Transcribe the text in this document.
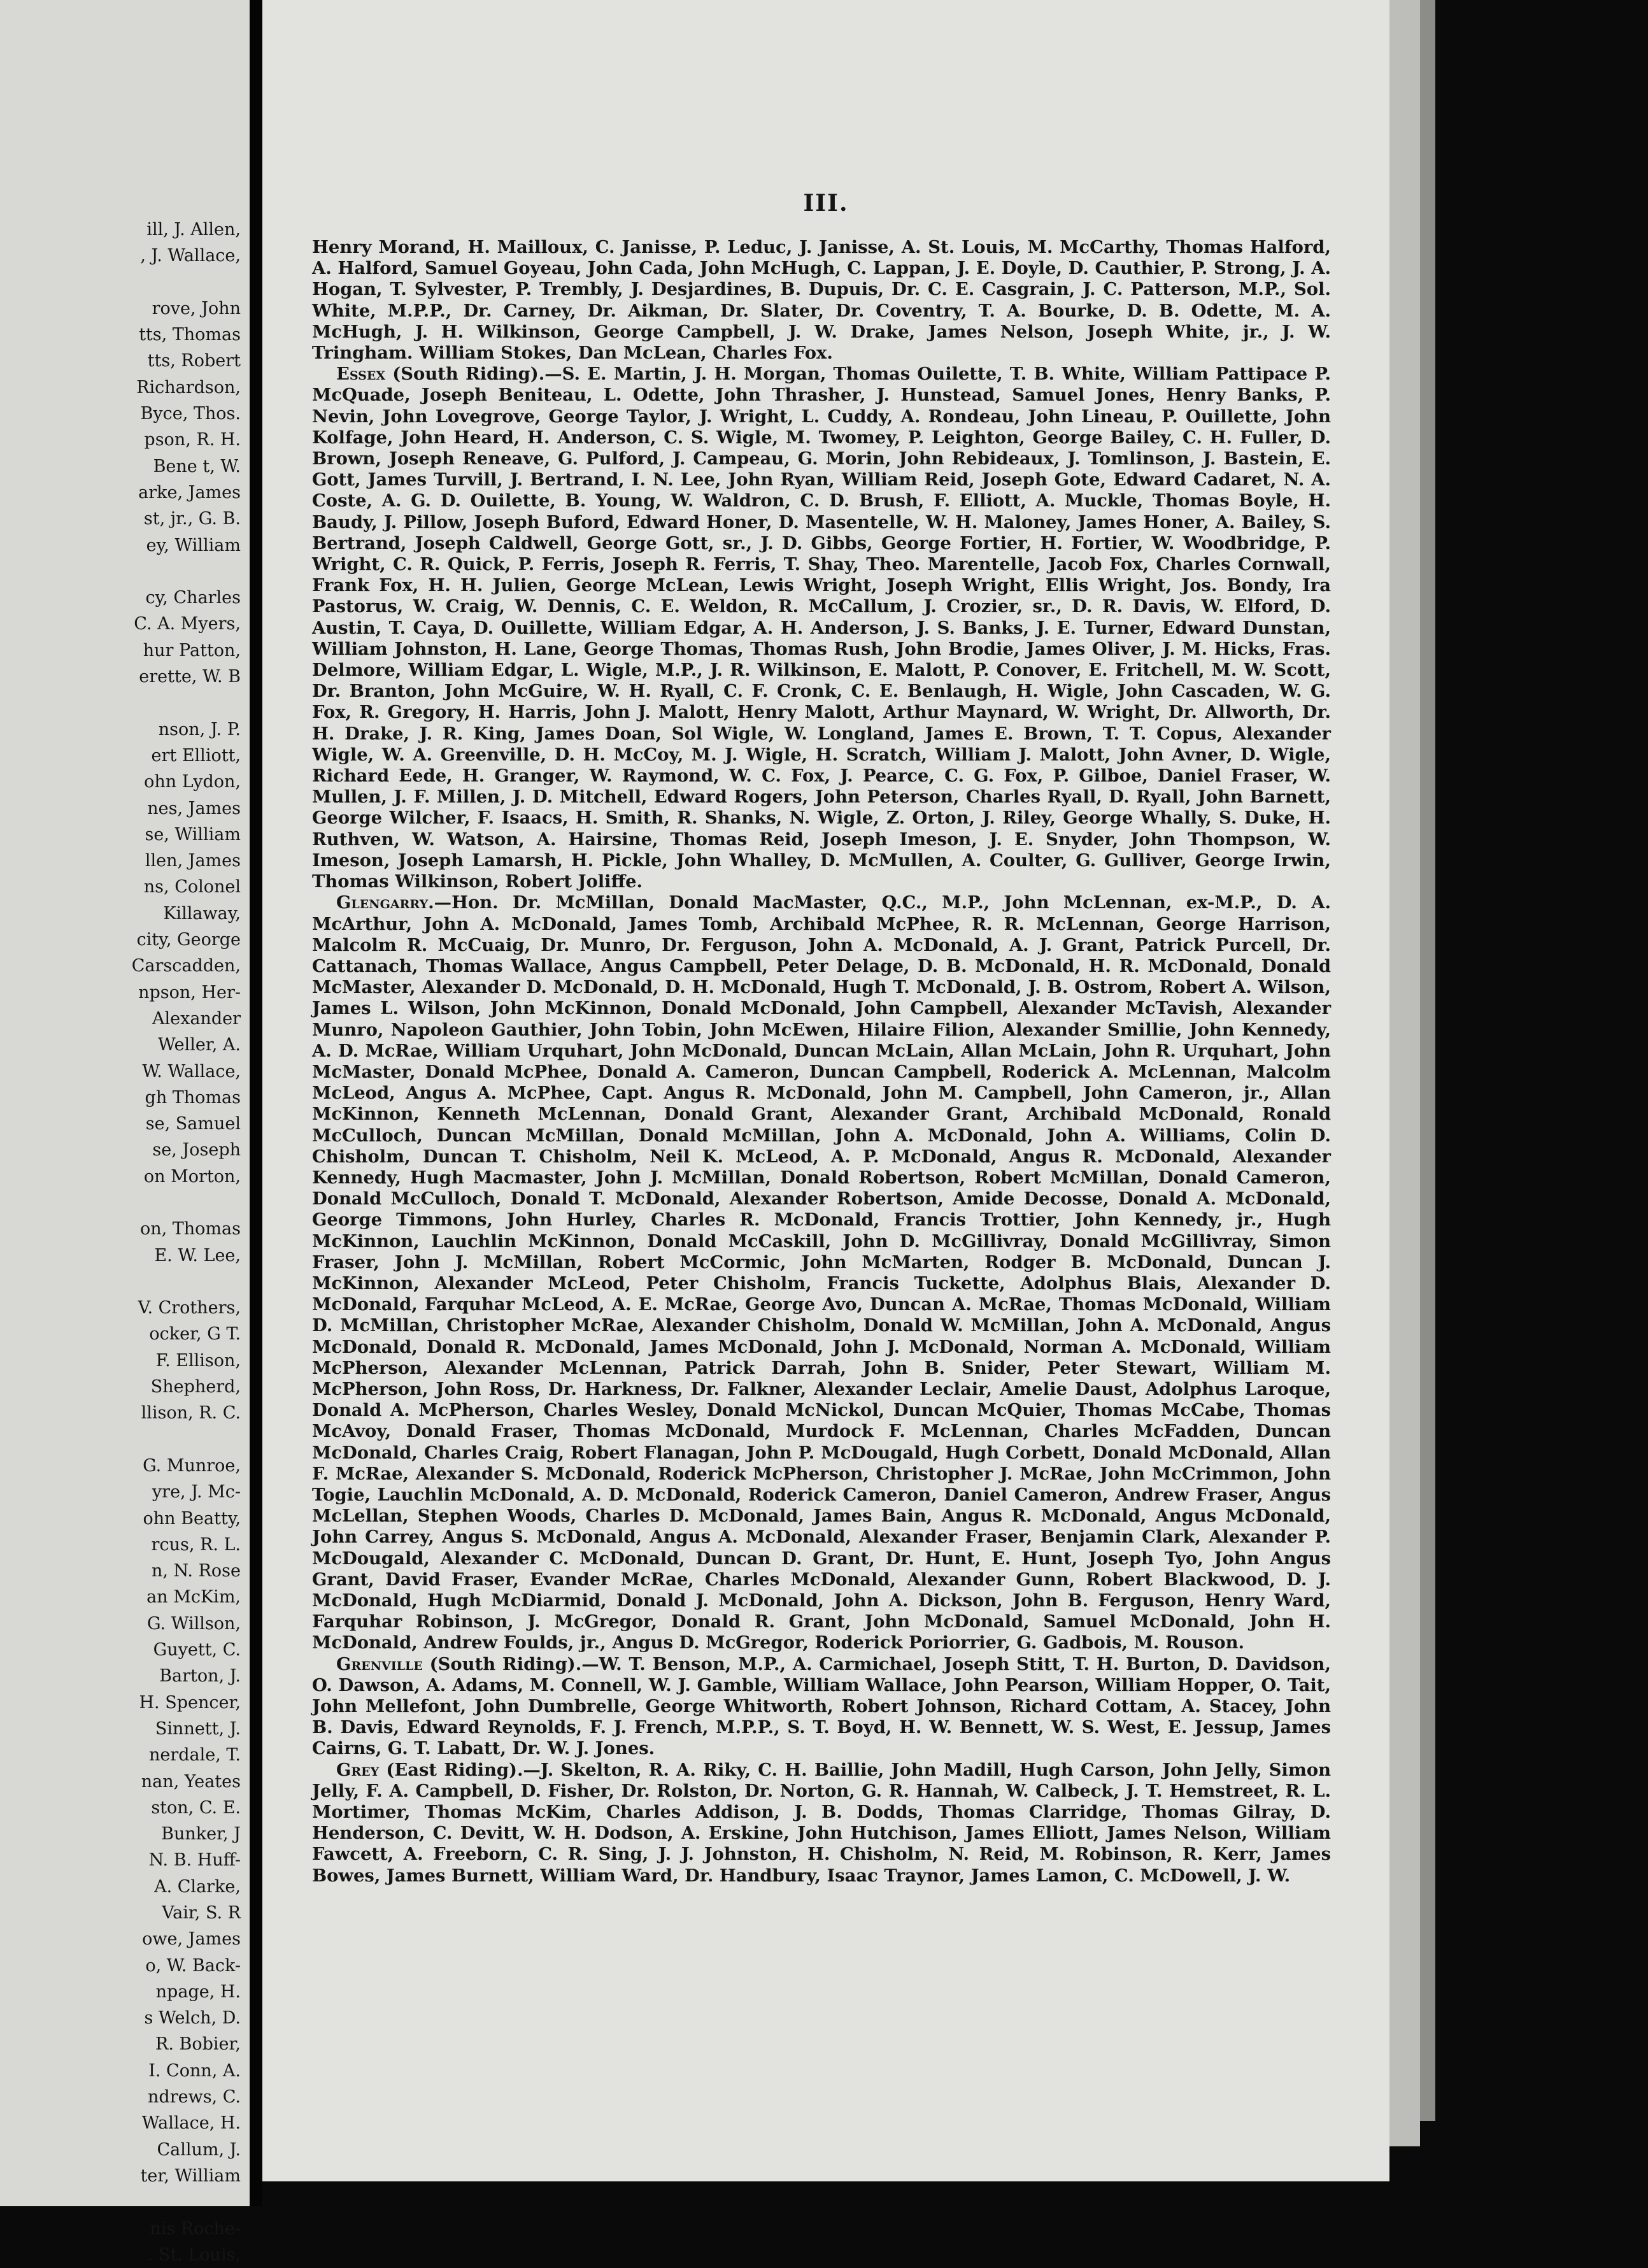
ill, J. Allen,
, J. Wallace,
rove, John
tts, Thomas
tts, Robert
Richardson,
Byce, Thos.
pson, R. H.
Bene t, W.
arke, James
st, jr., G. B.
ey, William
cy, Charles
C. A. Myers,
hur Patton,
erette, W. B
nson, J. P.
ert Elliott,
ohn Lydon,
nes, James
se, William
llen, James
ns, Colonel
Killaway,
city, George
Carscadden,
npson, Her-
Alexander
Weller, A.
W. Wallace,
gh Thomas
se, Samuel
se, Joseph
on Morton,
on, Thomas
E. W. Lee,
V. Crothers,
ocker, G T.
F. Ellison,
Shepherd,
llison, R. C.
G. Munroe,
yre, J. Mc-
ohn Beatty,
rcus, R. L.
n, N. Rose
an McKim,
G. Willson,
Guyett, C.
Barton, J.
H. Spencer,
Sinnett, J.
nerdale, T.
nan, Yeates
ston, C. E.
Bunker, J
N. B. Huff-
A. Clarke,
Vair, S. R
owe, James
o, W. Back-
npage, H.
s Welch, D.
R. Bobier,
I. Conn, A.
ndrews, C.
Wallace, H.
Callum, J.
ter, William
nis Roche-
. St. Louis,
III.

Henry Morand, H. Mailloux, C. Janisse, P. Leduc, J. Janisse, A. St. Louis, M. McCarthy, Thomas Halford, A. Halford, Samuel Goyeau, John Cada, John McHugh, C. Lappan, J. E. Doyle, D. Cauthier, P. Strong, J. A. Hogan, T. Sylvester, P. Trembly, J. Desjardines, B. Dupuis, Dr. C. E. Casgrain, J. C. Patterson, M.P., Sol. White, M.P.P., Dr. Carney, Dr. Aikman, Dr. Slater, Dr. Coventry, T. A. Bourke, D. B. Odette, M. A. McHugh, J. H. Wilkinson, George Campbell, J. W. Drake, James Nelson, Joseph White, jr., J. W. Tringham. William Stokes, Dan McLean, Charles Fox.

Essex (South Riding).—S. E. Martin, J. H. Morgan, Thomas Ouilette, T. B. White, William Pattipace P. McQuade, Joseph Beniteau, L. Odette, John Thrasher, J. Hunstead, Samuel Jones, Henry Banks, P. Nevin, John Lovegrove, George Taylor, J. Wright, L. Cuddy, A. Rondeau, John Lineau, P. Ouillette, John Kolfage, John Heard, H. Anderson, C. S. Wigle, M. Twomey, P. Leighton, George Bailey, C. H. Fuller, D. Brown, Joseph Reneave, G. Pulford, J. Campeau, G. Morin, John Rebideaux, J. Tomlinson, J. Bastein, E. Gott, James Turvill, J. Bertrand, I. N. Lee, John Ryan, William Reid, Joseph Gote, Edward Cadaret, N. A. Coste, A. G. D. Ouilette, B. Young, W. Waldron, C. D. Brush, F. Elliott, A. Muckle, Thomas Boyle, H. Baudy, J. Pillow, Joseph Buford, Edward Honer, D. Masentelle, W. H. Maloney, James Honer, A. Bailey, S. Bertrand, Joseph Caldwell, George Gott, sr., J. D. Gibbs, George Fortier, H. Fortier, W. Woodbridge, P. Wright, C. R. Quick, P. Ferris, Joseph R. Ferris, T. Shay, Theo. Marentelle, Jacob Fox, Charles Cornwall, Frank Fox, H. H. Julien, George McLean, Lewis Wright, Joseph Wright, Ellis Wright, Jos. Bondy, Ira Pastorus, W. Craig, W. Dennis, C. E. Weldon, R. McCallum, J. Crozier, sr., D. R. Davis, W. Elford, D. Austin, T. Caya, D. Ouillette, William Edgar, A. H. Anderson, J. S. Banks, J. E. Turner, Edward Dunstan, William Johnston, H. Lane, George Thomas, Thomas Rush, John Brodie, James Oliver, J. M. Hicks, Fras. Delmore, William Edgar, L. Wigle, M.P., J. R. Wilkinson, E. Malott, P. Conover, E. Fritchell, M. W. Scott, Dr. Branton, John McGuire, W. H. Ryall, C. F. Cronk, C. E. Benlaugh, H. Wigle, John Cascaden, W. G. Fox, R. Gregory, H. Harris, John J. Malott, Henry Malott, Arthur Maynard, W. Wright, Dr. Allworth, Dr. H. Drake, J. R. King, James Doan, Sol Wigle, W. Longland, James E. Brown, T. T. Copus, Alexander Wigle, W. A. Greenville, D. H. McCoy, M. J. Wigle, H. Scratch, William J. Malott, John Avner, D. Wigle, Richard Eede, H. Granger, W. Raymond, W. C. Fox, J. Pearce, C. G. Fox, P. Gilboe, Daniel Fraser, W. Mullen, J. F. Millen, J. D. Mitchell, Edward Rogers, John Peterson, Charles Ryall, D. Ryall, John Barnett, George Wilcher, F. Isaacs, H. Smith, R. Shanks, N. Wigle, Z. Orton, J. Riley, George Whally, S. Duke, H. Ruthven, W. Watson, A. Hairsine, Thomas Reid, Joseph Imeson, J. E. Snyder, John Thompson, W. Imeson, Joseph Lamarsh, H. Pickle, John Whalley, D. McMullen, A. Coulter, G. Gulliver, George Irwin, Thomas Wilkinson, Robert Joliffe.

Glengarry.—Hon. Dr. McMillan, Donald MacMaster, Q.C., M.P., John McLennan, ex-M.P., D. A. McArthur, John A. McDonald, James Tomb, Archibald McPhee, R. R. McLennan, George Harrison, Malcolm R. McCuaig, Dr. Munro, Dr. Ferguson, John A. McDonald, A. J. Grant, Patrick Purcell, Dr. Cattanach, Thomas Wallace, Angus Campbell, Peter Delage, D. B. McDonald, H. R. McDonald, Donald McMaster, Alexander D. McDonald, D. H. McDonald, Hugh T. McDonald, J. B. Ostrom, Robert A. Wilson, James L. Wilson, John McKinnon, Donald McDonald, John Campbell, Alexander McTavish, Alexander Munro, Napoleon Gauthier, John Tobin, John McEwen, Hilaire Filion, Alexander Smillie, John Kennedy, A. D. McRae, William Urquhart, John McDonald, Duncan McLain, Allan McLain, John R. Urquhart, John McMaster, Donald McPhee, Donald A. Cameron, Duncan Campbell, Roderick A. McLennan, Malcolm McLeod, Angus A. McPhee, Capt. Angus R. McDonald, John M. Campbell, John Cameron, jr., Allan McKinnon, Kenneth McLennan, Donald Grant, Alexander Grant, Archibald McDonald, Ronald McCulloch, Duncan McMillan, Donald McMillan, John A. McDonald, John A. Williams, Colin D. Chisholm, Duncan T. Chisholm, Neil K. McLeod, A. P. McDonald, Angus R. McDonald, Alexander Kennedy, Hugh Macmaster, John J. McMillan, Donald Robertson, Robert McMillan, Donald Cameron, Donald McCulloch, Donald T. McDonald, Alexander Robertson, Amide Decosse, Donald A. McDonald, George Timmons, John Hurley, Charles R. McDonald, Francis Trottier, John Kennedy, jr., Hugh McKinnon, Lauchlin McKinnon, Donald McCaskill, John D. McGillivray, Donald McGillivray, Simon Fraser, John J. McMillan, Robert McCormic, John McMarten, Rodger B. McDonald, Duncan J. McKinnon, Alexander McLeod, Peter Chisholm, Francis Tuckette, Adolphus Blais, Alexander D. McDonald, Farquhar McLeod, A. E. McRae, George Avo, Duncan A. McRae, Thomas McDonald, William D. McMillan, Christopher McRae, Alexander Chisholm, Donald W. McMillan, John A. McDonald, Angus McDonald, Donald R. McDonald, James McDonald, John J. McDonald, Norman A. McDonald, William McPherson, Alexander McLennan, Patrick Darrah, John B. Snider, Peter Stewart, William M. McPherson, John Ross, Dr. Harkness, Dr. Falkner, Alexander Leclair, Amelie Daust, Adolphus Laroque, Donald A. McPherson, Charles Wesley, Donald McNickol, Duncan McQuier, Thomas McCabe, Thomas McAvoy, Donald Fraser, Thomas McDonald, Murdock F. McLennan, Charles McFadden, Duncan McDonald, Charles Craig, Robert Flanagan, John P. McDougald, Hugh Corbett, Donald McDonald, Allan F. McRae, Alexander S. McDonald, Roderick McPherson, Christopher J. McRae, John McCrimmon, John Togie, Lauchlin McDonald, A. D. McDonald, Roderick Cameron, Daniel Cameron, Andrew Fraser, Angus McLellan, Stephen Woods, Charles D. McDonald, James Bain, Angus R. McDonald, Angus McDonald, John Carrey, Angus S. McDonald, Angus A. McDonald, Alexander Fraser, Benjamin Clark, Alexander P. McDougald, Alexander C. McDonald, Duncan D. Grant, Dr. Hunt, E. Hunt, Joseph Tyo, John Angus Grant, David Fraser, Evander McRae, Charles McDonald, Alexander Gunn, Robert Blackwood, D. J. McDonald, Hugh McDiarmid, Donald J. McDonald, John A. Dickson, John B. Ferguson, Henry Ward, Farquhar Robinson, J. McGregor, Donald R. Grant, John McDonald, Samuel McDonald, John H. McDonald, Andrew Foulds, jr., Angus D. McGregor, Roderick Poriorrier, G. Gadbois, M. Rouson.

Grenville (South Riding).—W. T. Benson, M.P., A. Carmichael, Joseph Stitt, T. H. Burton, D. Davidson, O. Dawson, A. Adams, M. Connell, W. J. Gamble, William Wallace, John Pearson, William Hopper, O. Tait, John Mellefont, John Dumbrelle, George Whitworth, Robert Johnson, Richard Cottam, A. Stacey, John B. Davis, Edward Reynolds, F. J. French, M.P.P., S. T. Boyd, H. W. Bennett, W. S. West, E. Jessup, James Cairns, G. T. Labatt, Dr. W. J. Jones.

Grey (East Riding).—J. Skelton, R. A. Riky, C. H. Baillie, John Madill, Hugh Carson, John Jelly, Simon Jelly, F. A. Campbell, D. Fisher, Dr. Rolston, Dr. Norton, G. R. Hannah, W. Calbeck, J. T. Hemstreet, R. L. Mortimer, Thomas McKim, Charles Addison, J. B. Dodds, Thomas Clarridge, Thomas Gilray, D. Henderson, C. Devitt, W. H. Dodson, A. Erskine, John Hutchison, James Elliott, James Nelson, William Fawcett, A. Freeborn, C. R. Sing, J. J. Johnston, H. Chisholm, N. Reid, M. Robinson, R. Kerr, James Bowes, James Burnett, William Ward, Dr. Handbury, Isaac Traynor, James Lamon, C. McDowell, J. W.
